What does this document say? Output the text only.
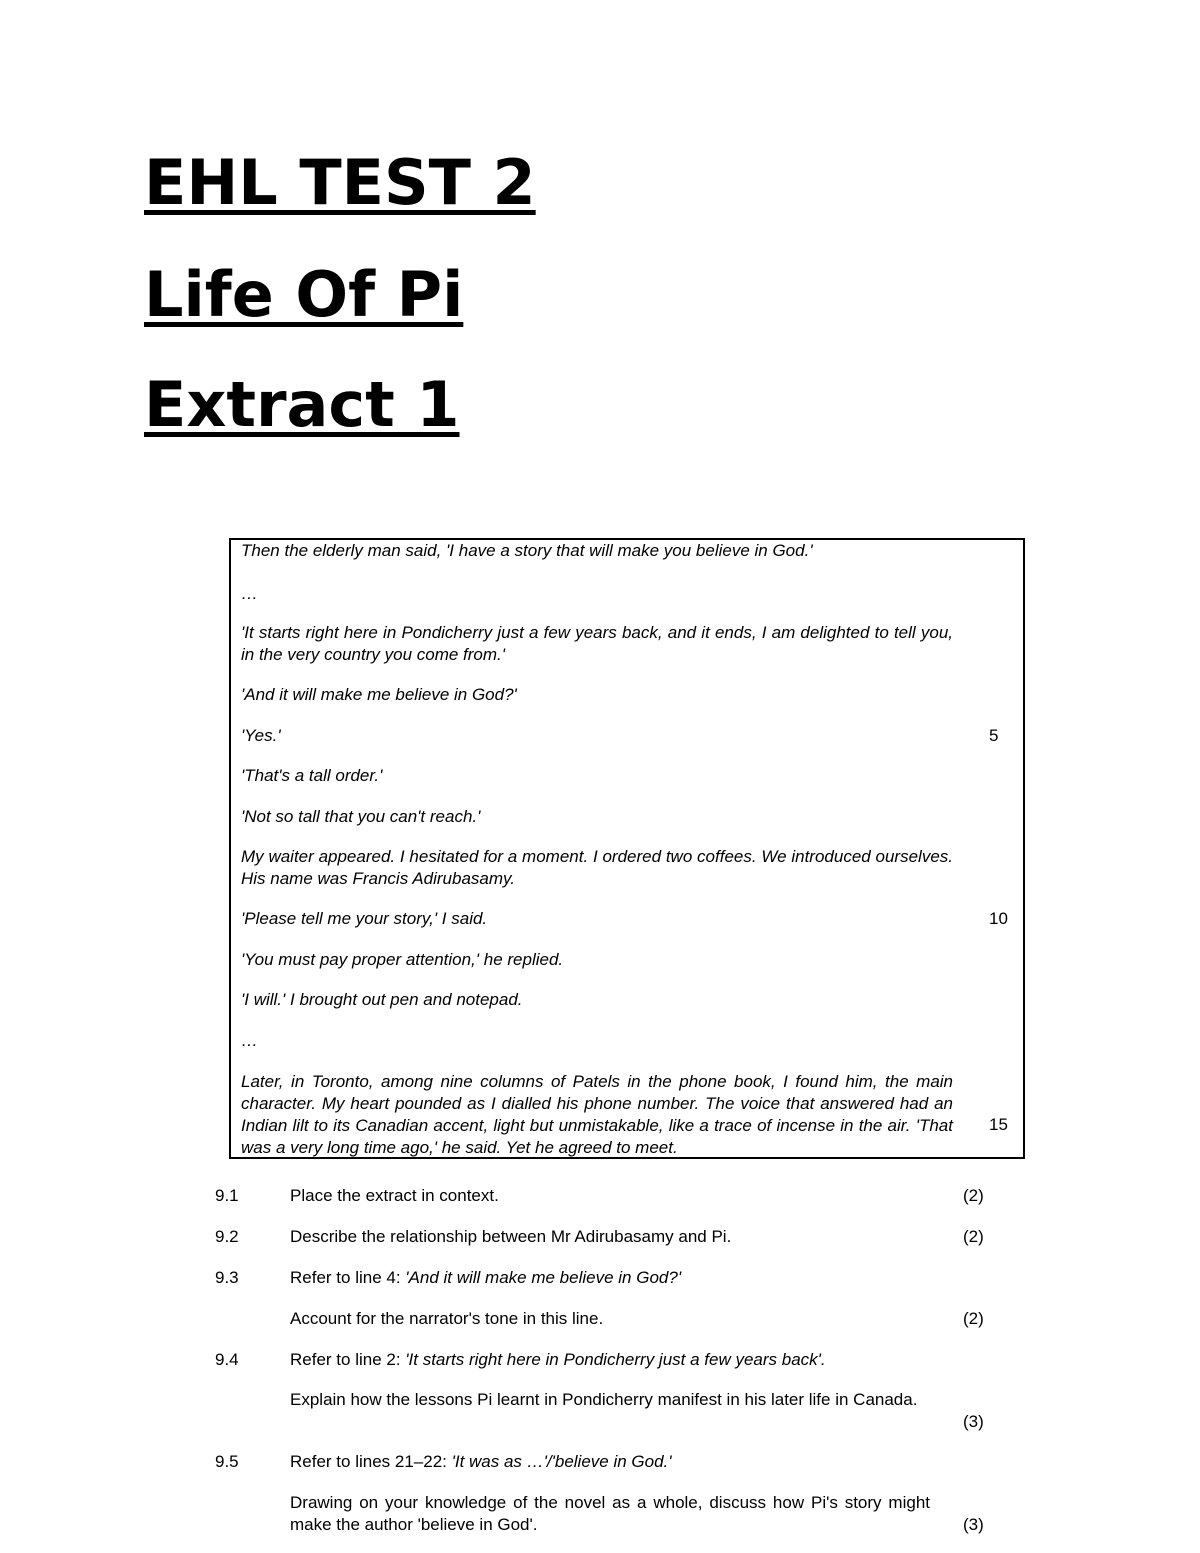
EHL TEST 2
Life Of Pi
Extract 1

Then the elderly man said, 'I have a story that will make you believe in God.'

…

'It starts right here in Pondicherry just a few years back, and it ends, I am delighted to tell you, in the very country you come from.'

'And it will make me believe in God?'

'Yes.'

'That's a tall order.'

'Not so tall that you can't reach.'

My waiter appeared. I hesitated for a moment. I ordered two coffees. We introduced ourselves. His name was Francis Adirubasamy.

'Please tell me your story,' I said.

'You must pay proper attention,' he replied.

'I will.' I brought out pen and notepad.

…

Later, in Toronto, among nine columns of Patels in the phone book, I found him, the main character. My heart pounded as I dialled his phone number. The voice that answered had an Indian lilt to its Canadian accent, light but unmistakable, like a trace of incense in the air. 'That was a very long time ago,' he said. Yet he agreed to meet.

5
10
15
9.1	Place the extract in context.	(2)
9.2	Describe the relationship between Mr Adirubasamy and Pi.	(2)
9.3	Refer to line 4: 'And it will make me believe in God?'

Account for the narrator's tone in this line.	(2)
9.4	Refer to line 2: 'It starts right here in Pondicherry just a few years back'.

Explain how the lessons Pi learnt in Pondicherry manifest in his later life in Canada.

(3)
9.5	Refer to lines 21–22: 'It was as …'/'believe in God.'

Drawing on your knowledge of the novel as a whole, discuss how Pi's story might make the author 'believe in God'.	(3)
